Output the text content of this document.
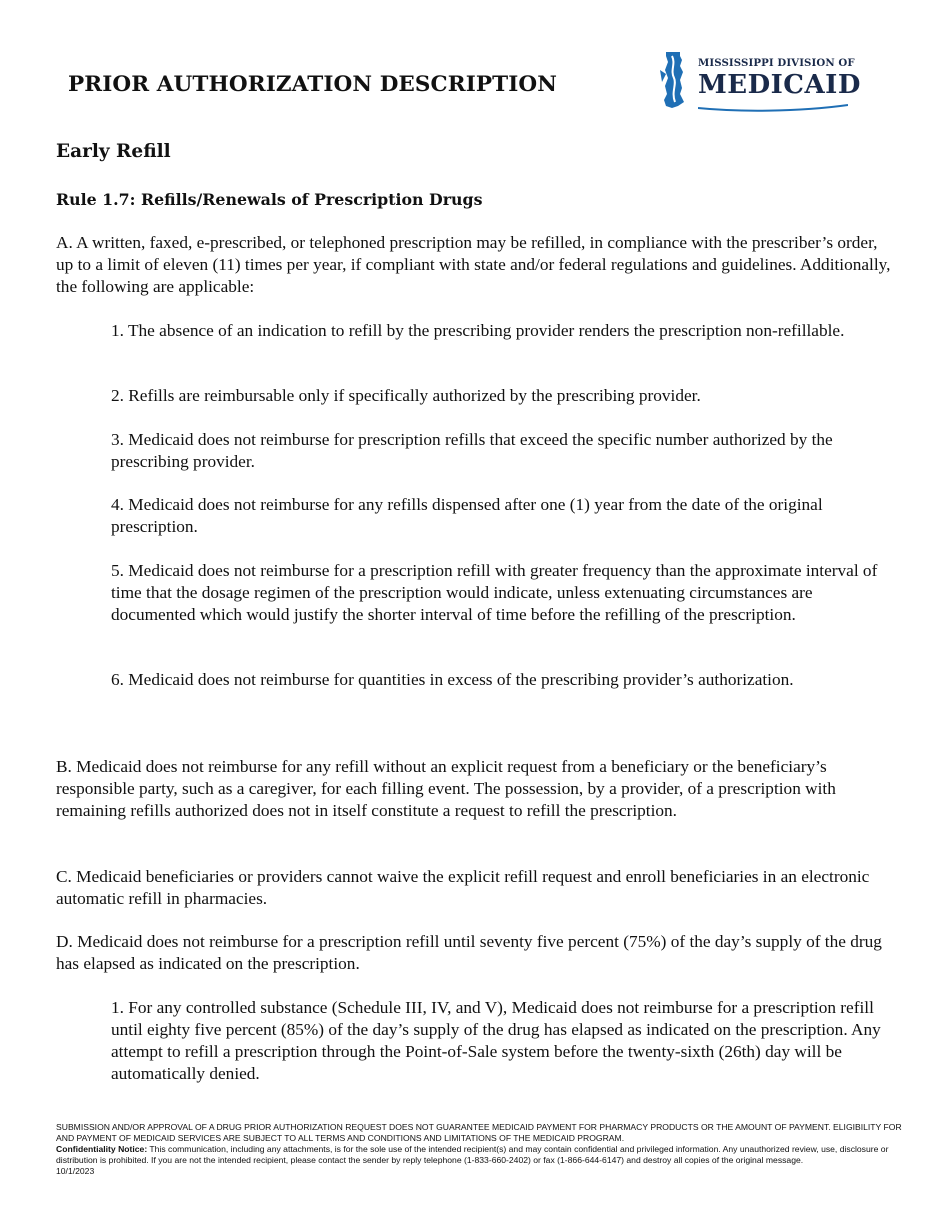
PRIOR AUTHORIZATION DESCRIPTION
MISSISSIPPI DIVISION OF
MEDICAID
Early Refill
Rule 1.7: Refills/Renewals of Prescription Drugs
A. A written, faxed, e-prescribed, or telephoned prescription may be refilled, in compliance with the prescriber’s order, up to a limit of eleven (11) times per year, if compliant with state and/or federal regulations and guidelines. Additionally, the following are applicable:
1. The absence of an indication to refill by the prescribing provider renders the prescription non-refillable.
2. Refills are reimbursable only if specifically authorized by the prescribing provider.
3. Medicaid does not reimburse for prescription refills that exceed the specific number authorized by the prescribing provider.
4. Medicaid does not reimburse for any refills dispensed after one (1) year from the date of the original prescription.
5. Medicaid does not reimburse for a prescription refill with greater frequency than the approximate interval of time that the dosage regimen of the prescription would indicate, unless extenuating circumstances are documented which would justify the shorter interval of time before the refilling of the prescription.
6. Medicaid does not reimburse for quantities in excess of the prescribing provider’s authorization.
B. Medicaid does not reimburse for any refill without an explicit request from a beneficiary or the beneficiary’s responsible party, such as a caregiver, for each filling event. The possession, by a provider, of a prescription with remaining refills authorized does not in itself constitute a request to refill the prescription.
C. Medicaid beneficiaries or providers cannot waive the explicit refill request and enroll beneficiaries in an electronic automatic refill in pharmacies.
D. Medicaid does not reimburse for a prescription refill until seventy five percent (75%) of the day’s supply of the drug has elapsed as indicated on the prescription.
1. For any controlled substance (Schedule III, IV, and V), Medicaid does not reimburse for a prescription refill until eighty five percent (85%) of the day’s supply of the drug has elapsed as indicated on the prescription. Any attempt to refill a prescription through the Point-of-Sale system before the twenty-sixth (26th) day will be automatically denied.
SUBMISSION AND/OR APPROVAL OF A DRUG PRIOR AUTHORIZATION REQUEST DOES NOT GUARANTEE MEDICAID PAYMENT FOR PHARMACY PRODUCTS OR THE AMOUNT OF PAYMENT. ELIGIBILITY FOR AND PAYMENT OF MEDICAID SERVICES ARE SUBJECT TO ALL TERMS AND CONDITIONS AND LIMITATIONS OF THE MEDICAID PROGRAM.
Confidentiality Notice: This communication, including any attachments, is for the sole use of the intended recipient(s) and may contain confidential and privileged information. Any unauthorized review, use, disclosure or distribution is prohibited. If you are not the intended recipient, please contact the sender by reply telephone (1-833-660-2402) or fax (1-866-644-6147) and destroy all copies of the original message.
10/1/2023
